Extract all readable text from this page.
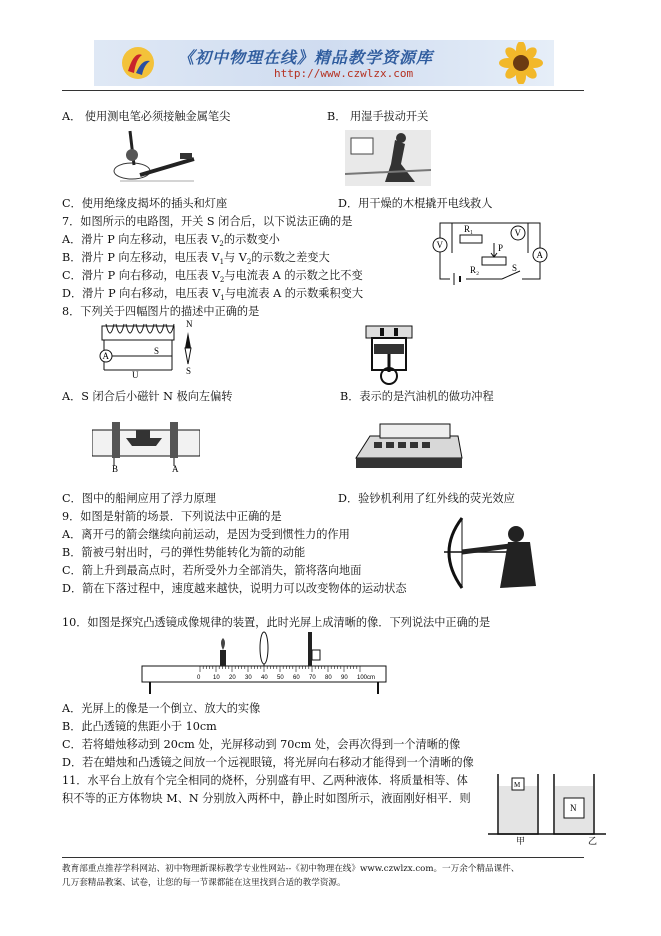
《初中物理在线》精品教学资源库
http://www.czwlzx.com
A． 使用测电笔必须接触金属笔尖	B． 用湿手拔动开关
C．使用绝缘皮揭坏的插头和灯座	D．用干燥的木棍撬开电线救人
7．如图所示的电路图，开关 S 闭合后，以下说法正确的是
A．滑片 P 向左移动，电压表 $V_2$的示数变小
B．滑片 P 向左移动，电压表 $V_1$与 $V_2$的示数之差变大
C．滑片 P 向右移动，电压表 $V_2$与电流表 A 的示数之比不变
D．滑片 P 向右移动，电压表 $V_1$与电流表 A 的示数乘积变大
V
V
A
R₁
R₂
P
S
8．下列关于四幅图片的描述中正确的是
A	S
U
N
S
A．S 闭合后小磁针 N 极向左偏转	B．表示的是汽油机的做功冲程
B	A
C．图中的船闸应用了浮力原理	D．验钞机利用了红外线的荧光效应
9．如图是射箭的场景．下列说法中正确的是
A．离开弓的箭会继续向前运动，是因为受到惯性力的作用
B．箭被弓射出时，弓的弹性势能转化为箭的动能
C．箭上升到最高点时，若所受外力全部消失，箭将落向地面
D．箭在下落过程中，速度越来越快，说明力可以改变物体的运动状态
10．如图是探究凸透镜成像规律的装置，此时光屏上成清晰的像．下列说法中正确的是
0 10 20 30 40 50 60 70 80 90 100cm
A．光屏上的像是一个倒立、放大的实像
B．此凸透镜的焦距小于 10cm
C．若将蜡烛移动到 20cm 处，光屏移动到 70cm 处，会再次得到一个清晰的像
D．若在蜡烛和凸透镜之间放一个远视眼镜，将光屏向右移动才能得到一个清晰的像
11．水平台上放有个完全相同的烧杯，分别盛有甲、乙两种液体．将质量相等、体
积不等的正方体物块 M、N 分别放入两杯中，静止时如图所示，液面刚好相平．则
M
N
甲	乙
教育部重点推荐学科网站、初中物理新课标教学专业性网站--《初中物理在线》www.czwlzx.com。一万余个精品课件、
几万套精品教案、试卷，让您的每一节课都能在这里找到合适的教学资源。
